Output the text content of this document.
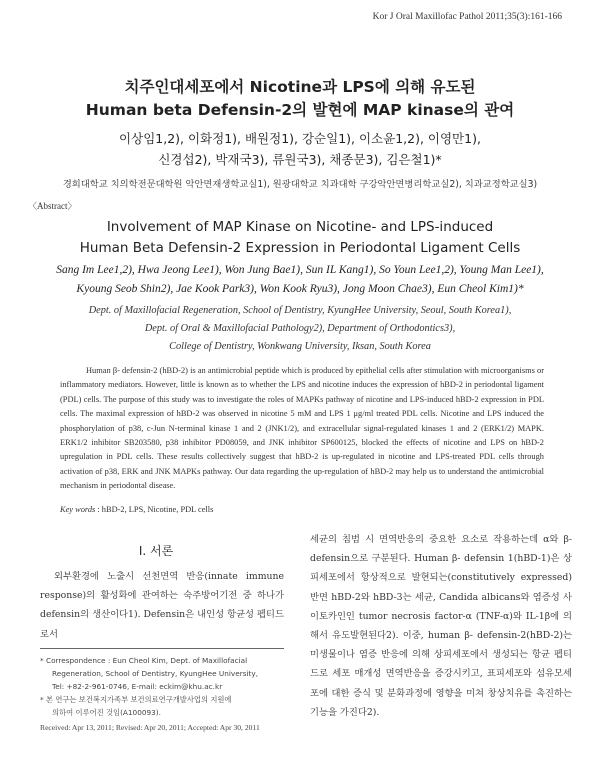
Kor J Oral Maxillofac Pathol 2011;35(3):161-166
치주인대세포에서 Nicotine과 LPS에 의해 유도된
Human beta Defensin-2의 발현에 MAP kinase의 관여
이상임1,2), 이화정1), 배원정1), 강순일1), 이소윤1,2), 이영만1),
신경섭2), 박재국3), 류원국3), 채종문3), 김은철1)*
경희대학교 치의학전문대학원 악안면재생학교실1), 원광대학교 치과대학 구강악안면병리학교실2), 치과교정학교실3)
〈Abstract〉
Involvement of MAP Kinase on Nicotine- and LPS-induced
Human Beta Defensin-2 Expression in Periodontal Ligament Cells
Sang Im Lee1,2), Hwa Jeong Lee1), Won Jung Bae1), Sun IL Kang1), So Youn Lee1,2), Young Man Lee1),
Kyoung Seob Shin2), Jae Kook Park3), Won Kook Ryu3), Jong Moon Chae3), Eun Cheol Kim1)*
Dept. of Maxillofacial Regeneration, School of Dentistry, KyungHee University, Seoul, South Korea1),
Dept. of Oral & Maxillofacial Pathology2), Department of Orthodontics3),
College of Dentistry, Wonkwang University, Iksan, South Korea
Human β- defensin-2 (hBD-2) is an antimicrobial peptide which is produced by epithelial cells after stimulation with microorganisms or inflammatory mediators. However, little is known as to whether the LPS and nicotine induces the expression of hBD-2 in periodontal ligament (PDL) cells. The purpose of this study was to investigate the roles of MAPKs pathway of nicotine and LPS-induced hBD-2 expression in PDL cells. The maximal expression of hBD-2 was observed in nicotine 5 mM and LPS 1 μg/ml treated PDL cells. Nicotine and LPS induced the phosphorylation of p38, c-Jun N-terminal kinase 1 and 2 (JNK1/2), and extracellular signal-regulated kinases 1 and 2 (ERK1/2) MAPK. ERK1/2 inhibitor SB203580, p38 inhibitor PD08059, and JNK inhibitor SP600125, blocked the effects of nicotine and LPS on hBD-2 upregulation in PDL cells. These results collectively suggest that hBD-2 is up-regulated in nicotine and LPS-treated PDL cells through activation of p38, ERK and JNK MAPKs pathway. Our data regarding the up-regulation of hBD-2 may help us to understand the antimicrobial mechanism in periodontal disease.
Key words : hBD-2, LPS, Nicotine, PDL cells
Ⅰ. 서론
외부환경에 노출시 선천면역 반응(innate immune response)의 활성화에 관여하는 숙주방어기전 중 하나가 defensin의 생산이다1). Defensin은 내인성 항균성 펩티드로서

* Correspondence : Eun Cheol Kim, Dept. of Maxillofacial

Regeneration, School of Dentistry, KyungHee University,

Tel: +82-2-961-0746, E-mail: eckim@khu.ac.kr

* 본 연구는 보건복지가족부 보건의료연구개발사업의 지원에

의하여 이루어진 것임(A100093).

Received: Apr 13, 2011; Revised: Apr 20, 2011; Accepted: Apr 30, 2011
세균의 침범 시 면역반응의 중요한 요소로 작용하는데 α와 β-defensin으로 구분된다. Human β- defensin 1(hBD-1)은 상피세포에서 항상적으로 발현되는(constitutively expressed) 반면 hBD-2와 hBD-3는 세균, Candida albicans와 염증성 사이토카인인 tumor necrosis factor-α (TNF-α)와 IL-1β에 의해서 유도발현된다2). 이중, human β- defensin-2(hBD-2)는 미생물이나 염증 반응에 의해 상피세포에서 생성되는 항균 펩티드로 세포 매개성 면역반응을 증강시키고, 표피세포와 섬유모세포에 대한 증식 및 분화과정에 영향을 미쳐 창상치유를 촉진하는 기능을 가진다2).
